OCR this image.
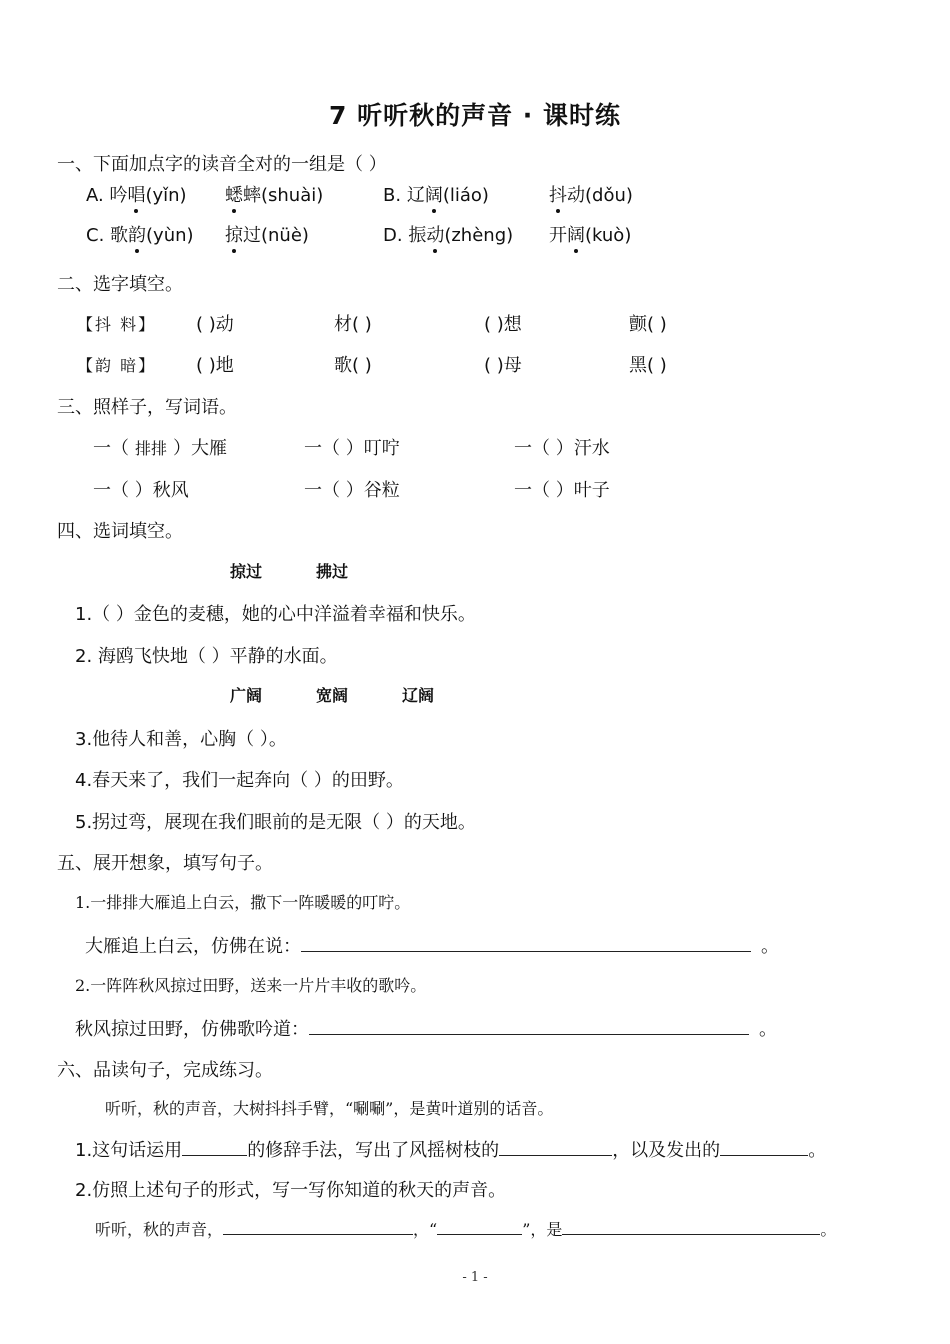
7 听听秋的声音 · 课时练
一、下面加点字的读音全对的一组是（ ）
A. 吟唱(yǐn) 蟋蟀(shuài)	B. 辽阔(liáo)	抖动(dǒu)
C. 歌韵(yùn) 掠过(nüè)	D. 振动(zhèng) 开阔(kuò)
二、选字填空。
【抖 料】 ( )动	材( )	( )想	颤( )
【韵 暗】 ( )地	歌( )	( )母	黑( )
三、照样子，写词语。
一（ 排排 ）大雁	一（ ）叮咛	一（ ）汗水
一（ ）秋风	一（ ）谷粒	一（ ）叶子
四、选词填空。
掠过	拂过
1.（ ）金色的麦穗，她的心中洋溢着幸福和快乐。
2. 海鸥飞快地（ ）平静的水面。
广阔	宽阔	辽阔
3.他待人和善，心胸（ ）。
4.春天来了，我们一起奔向（ ）的田野。
5.拐过弯，展现在我们眼前的是无限（ ）的天地。
五、展开想象，填写句子。
1.一排排大雁追上白云，撒下一阵暖暖的叮咛。
大雁追上白云，仿佛在说：	。
2.一阵阵秋风掠过田野，送来一片片丰收的歌吟。
秋风掠过田野，仿佛歌吟道：	。
六、品读句子，完成练习。
听听，秋的声音，大树抖抖手臂，“唰唰”，是黄叶道别的话音。
1.这句话运用	的修辞手法，写出了风摇树枝的	，以及发出的	。
2.仿照上述句子的形式，写一写你知道的秋天的声音。
听听，秋的声音，	，“	”，是	。
- 1 -
